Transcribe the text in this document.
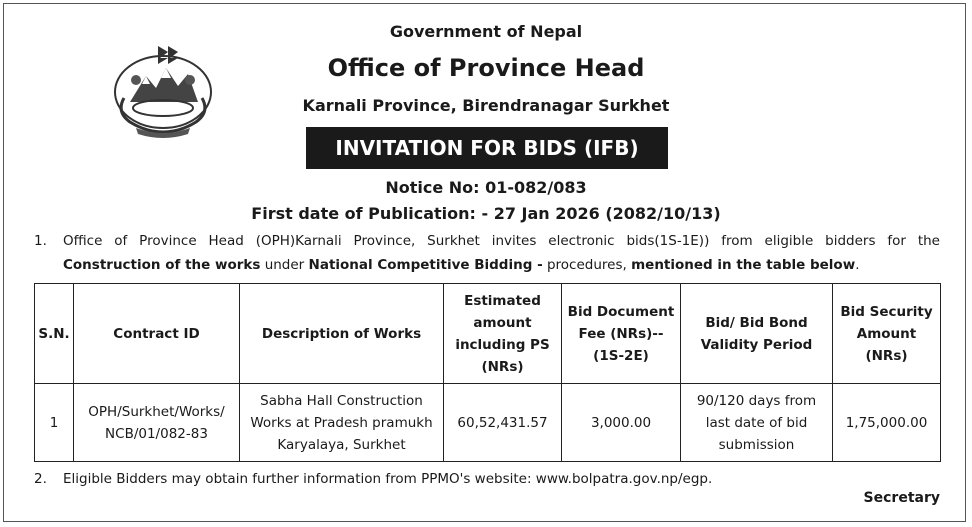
Government of Nepal
Office of Province Head
Karnali Province, Birendranagar Surkhet
INVITATION FOR BIDS (IFB)
Notice No: 01-082/083
First date of Publication: - 27 Jan 2026 (2082/10/13)
1. Office of Province Head (OPH)Karnali Province, Surkhet invites electronic bids(1S-1E)) from eligible bidders for the
Construction of the works under National Competitive Bidding - procedures, mentioned in the table below.
S.N.	Contract ID	Description of Works	Estimated amount including PS (NRs)	Bid Document Fee (NRs)--(1S-2E)	Bid/ Bid Bond Validity Period	Bid Security Amount (NRs)
1	OPH/Surkhet/Works/ NCB/01/082-83	Sabha Hall Construction Works at Pradesh pramukh Karyalaya, Surkhet	60,52,431.57	3,000.00	90/120 days from last date of bid submission	1,75,000.00
2. Eligible Bidders may obtain further information from PPMO's website: www.bolpatra.gov.np/egp.
Secretary
